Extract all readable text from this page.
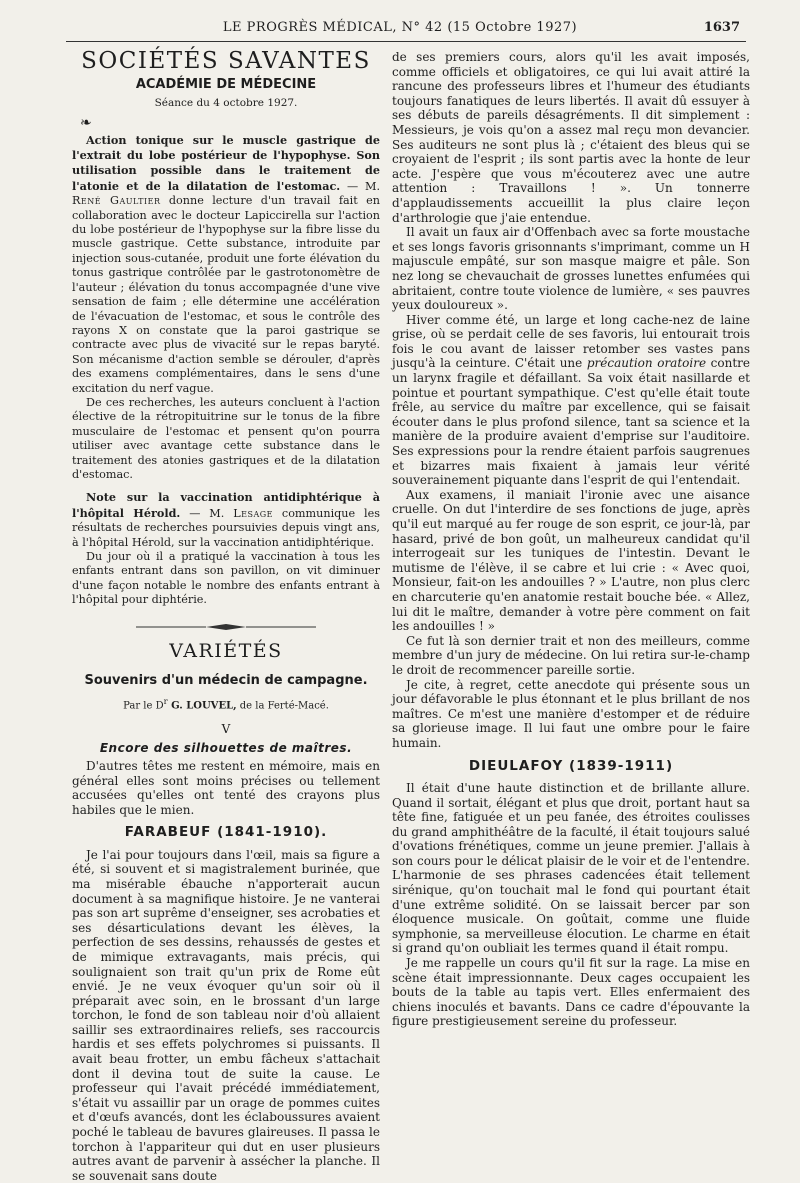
LE PROGRÈS MÉDICAL, N° 42 (15 Octobre 1927)	1637
SOCIÉTÉS SAVANTES
ACADÉMIE DE MÉDECINE
Séance du 4 octobre 1927.
❧

Action tonique sur le muscle gastrique de l'extrait du lobe postérieur de l'hypophyse. Son utilisation possible dans le traitement de l'atonie et de la dilatation de l'estomac. — M. René Gaultier donne lecture d'un travail fait en collaboration avec le docteur Lapiccirella sur l'action du lobe postérieur de l'hypophyse sur la fibre lisse du muscle gastrique. Cette substance, introduite par injection sous-cutanée, produit une forte élévation du tonus gastrique contrôlée par le gastrotonomètre de l'auteur ; élévation du tonus accompagnée d'une vive sensation de faim ; elle détermine une accélération de l'évacuation de l'estomac, et sous le contrôle des rayons X on constate que la paroi gastrique se contracte avec plus de vivacité sur le repas baryté. Son mécanisme d'action semble se dérouler, d'après des examens complémentaires, dans le sens d'une excitation du nerf vague.

De ces recherches, les auteurs concluent à l'action élective de la rétropituitrine sur le tonus de la fibre musculaire de l'estomac et pensent qu'on pourra utiliser avec avantage cette substance dans le traitement des atonies gastriques et de la dilatation d'estomac.

Note sur la vaccination antidiphtérique à l'hôpital Hérold. — M. Lesage communique les résultats de recherches poursuivies depuis vingt ans, à l'hôpital Hérold, sur la vaccination antidiphtérique.

Du jour où il a pratiqué la vaccination à tous les enfants entrant dans son pavillon, on vit diminuer d'une façon notable le nombre des enfants entrant à l'hôpital pour diphtérie.

VARIÉTÉS
Souvenirs d'un médecin de campagne.
Par le $D^r$ G. LOUVEL, de la Ferté-Macé.
V
Encore des silhouettes de maîtres.

D'autres têtes me restent en mémoire, mais en général elles sont moins précises ou tellement accusées qu'elles ont tenté des crayons plus habiles que le mien.

FARABEUF (1841-1910).

Je l'ai pour toujours dans l'œil, mais sa figure a été, si souvent et si magistralement burinée, que ma misérable ébauche n'apporterait aucun document à sa magnifique histoire. Je ne vanterai pas son art suprême d'enseigner, ses acrobaties et ses désarticulations devant les élèves, la perfection de ses dessins, rehaussés de gestes et de mimique extravagants, mais précis, qui soulignaient son trait qu'un prix de Rome eût envié. Je ne veux évoquer qu'un soir où il préparait avec soin, en le brossant d'un large torchon, le fond de son tableau noir d'où allaient saillir ses extraordinaires reliefs, ses raccourcis hardis et ses effets polychromes si puissants. Il avait beau frotter, un embu fâcheux s'attachait dont il devina tout de suite la cause. Le professeur qui l'avait précédé immédiatement, s'était vu assaillir par un orage de pommes cuites et d'œufs avancés, dont les éclaboussures avaient poché le tableau de bavures glaireuses. Il passa le torchon à l'appariteur qui dut en user plusieurs autres avant de parvenir à assécher la planche. Il se souvenait sans doute

de ses premiers cours, alors qu'il les avait imposés, comme officiels et obligatoires, ce qui lui avait attiré la rancune des professeurs libres et l'humeur des étudiants toujours fanatiques de leurs libertés. Il avait dû essuyer à ses débuts de pareils désagréments. Il dit simplement : Messieurs, je vois qu'on a assez mal reçu mon devancier. Ses auditeurs ne sont plus là ; c'étaient des bleus qui se croyaient de l'esprit ; ils sont partis avec la honte de leur acte. J'espère que vous m'écouterez avec une autre attention : Travaillons ! ». Un tonnerre d'applaudissements accueillit la plus claire leçon d'arthrologie que j'aie entendue.

Il avait un faux air d'Offenbach avec sa forte moustache et ses longs favoris grisonnants s'imprimant, comme un H majuscule empâté, sur son masque maigre et pâle. Son nez long se chevauchait de grosses lunettes enfumées qui abritaient, contre toute violence de lumière, « ses pauvres yeux douloureux ».

Hiver comme été, un large et long cache-nez de laine grise, où se perdait celle de ses favoris, lui entourait trois fois le cou avant de laisser retomber ses vastes pans jusqu'à la ceinture. C'était une précaution oratoire contre un larynx fragile et défaillant. Sa voix était nasillarde et pointue et pourtant sympathique. C'est qu'elle était toute frêle, au service du maître par excellence, qui se faisait écouter dans le plus profond silence, tant sa science et la manière de la produire avaient d'emprise sur l'auditoire. Ses expressions pour la rendre étaient parfois saugrenues et bizarres mais fixaient à jamais leur vérité souverainement piquante dans l'esprit de qui l'entendait.

Aux examens, il maniait l'ironie avec une aisance cruelle. On dut l'interdire de ses fonctions de juge, après qu'il eut marqué au fer rouge de son esprit, ce jour-là, par hasard, privé de bon goût, un malheureux candidat qu'il interrogeait sur les tuniques de l'intestin. Devant le mutisme de l'élève, il se cabre et lui crie : « Avec quoi, Monsieur, fait-on les andouilles ? » L'autre, non plus clerc en charcuterie qu'en anatomie restait bouche bée. « Allez, lui dit le maître, demander à votre père comment on fait les andouilles ! »

Ce fut là son dernier trait et non des meilleurs, comme membre d'un jury de médecine. On lui retira sur-le-champ le droit de recommencer pareille sortie.

Je cite, à regret, cette anecdote qui présente sous un jour défavorable le plus étonnant et le plus brillant de nos maîtres. Ce m'est une manière d'estomper et de réduire sa glorieuse image. Il lui faut une ombre pour le faire humain.

DIEULAFOY (1839-1911)

Il était d'une haute distinction et de brillante allure. Quand il sortait, élégant et plus que droit, portant haut sa tête fine, fatiguée et un peu fanée, des étroites coulisses du grand amphithéâtre de la faculté, il était toujours salué d'ovations frénétiques, comme un jeune premier. J'allais à son cours pour le délicat plaisir de le voir et de l'entendre. L'harmonie de ses phrases cadencées était tellement sirénique, qu'on touchait mal le fond qui pourtant était d'une extrême solidité. On se laissait bercer par son éloquence musicale. On goûtait, comme une fluide symphonie, sa merveilleuse élocution. Le charme en était si grand qu'on oubliait les termes quand il était rompu.

Je me rappelle un cours qu'il fit sur la rage. La mise en scène était impressionnante. Deux cages occupaient les bouts de la table au tapis vert. Elles enfermaient des chiens inoculés et bavants. Dans ce cadre d'épouvante la figure prestigieusement sereine du professeur.
